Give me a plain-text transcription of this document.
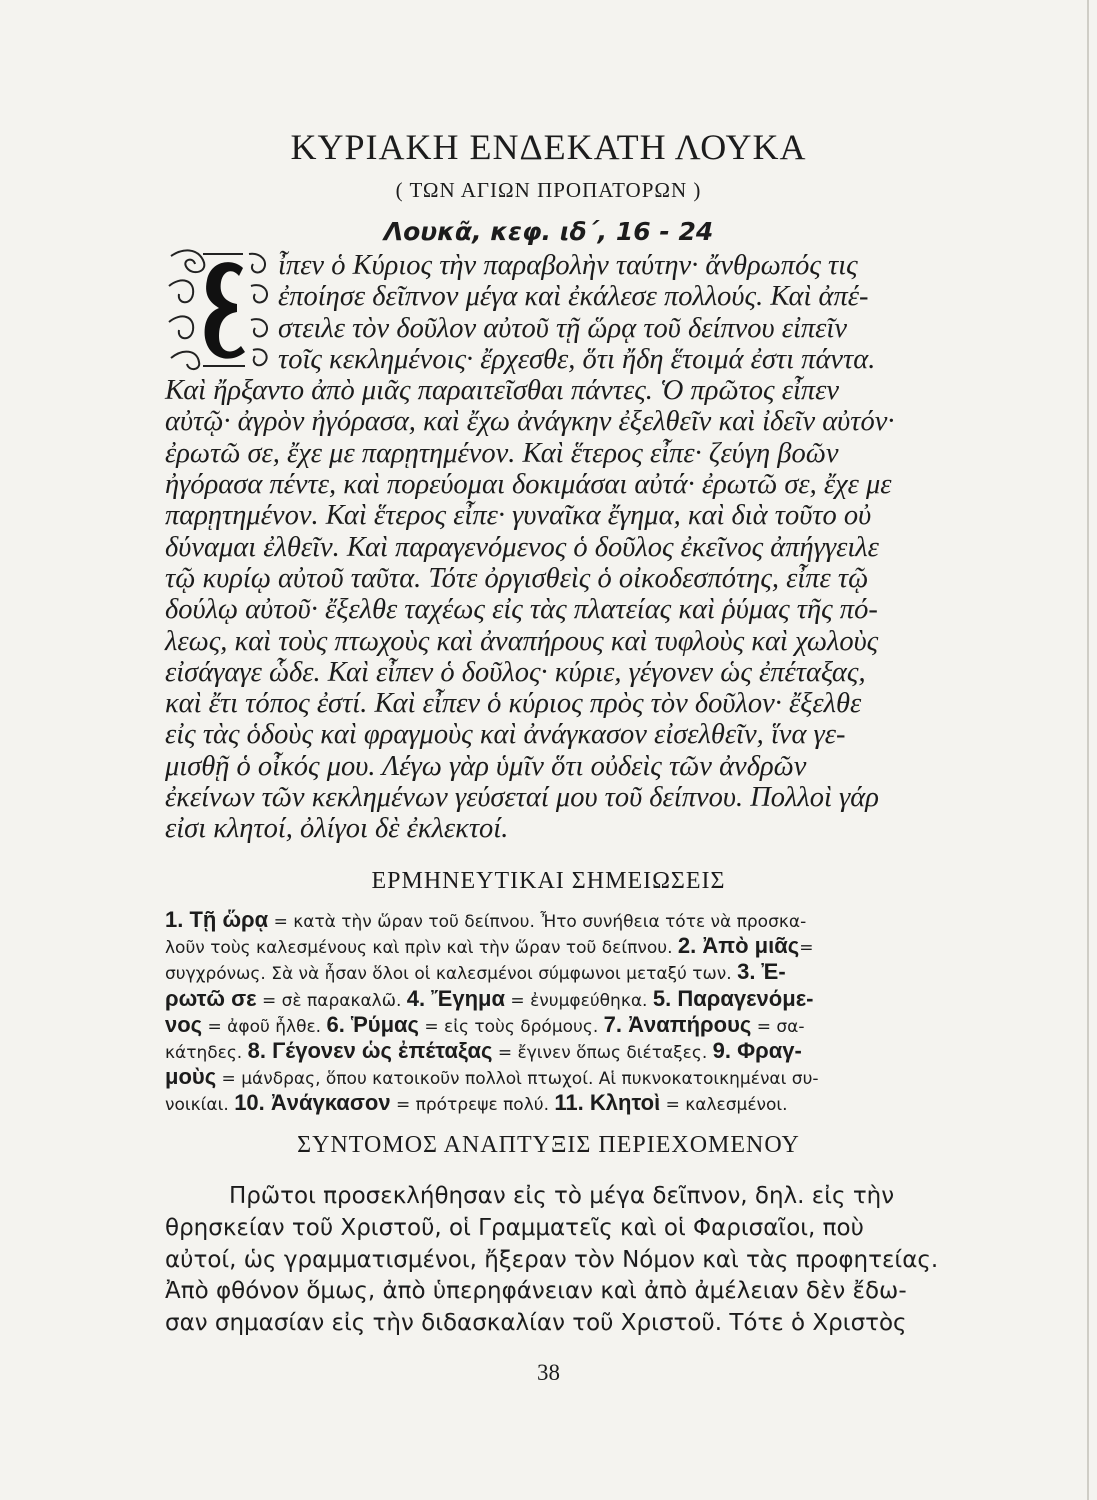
ΚΥΡΙΑΚΗ ΕΝΔΕΚΑΤΗ ΛΟΥΚΑ
( ΤΩΝ ΑΓΙΩΝ ΠΡΟΠΑΤΟΡΩΝ )
Λουκᾶ, κεφ. ιδ΄, 16 - 24
ἶπεν ὁ Κύριος τὴν παραβολὴν ταύτην· ἄνθρωπός τις
ἐποίησε δεῖπνον μέγα καὶ ἐκάλεσε πολλούς. Καὶ ἀπέ-
στειλε τὸν δοῦλον αὐτοῦ τῇ ὥρᾳ τοῦ δείπνου εἰπεῖν
τοῖς κεκλημένοις· ἔρχεσθε, ὅτι ἤδη ἕτοιμά ἐστι πάντα.
Καὶ ἤρξαντο ἀπὸ μιᾶς παραιτεῖσθαι πάντες. Ὁ πρῶτος εἶπεν
αὐτῷ· ἀγρὸν ἠγόρασα, καὶ ἔχω ἀνάγκην ἐξελθεῖν καὶ ἰδεῖν αὐτόν·
ἐρωτῶ σε, ἔχε με παρῃτημένον. Καὶ ἕτερος εἶπε· ζεύγη βοῶν
ἠγόρασα πέντε, καὶ πορεύομαι δοκιμάσαι αὐτά· ἐρωτῶ σε, ἔχε με
παρῃτημένον. Καὶ ἕτερος εἶπε· γυναῖκα ἔγημα, καὶ διὰ τοῦτο οὐ
δύναμαι ἐλθεῖν. Καὶ παραγενόμενος ὁ δοῦλος ἐκεῖνος ἀπήγγειλε
τῷ κυρίῳ αὐτοῦ ταῦτα. Τότε ὀργισθεὶς ὁ οἰκοδεσπότης, εἶπε τῷ
δούλῳ αὐτοῦ· ἔξελθε ταχέως εἰς τὰς πλατείας καὶ ῥύμας τῆς πό-
λεως, καὶ τοὺς πτωχοὺς καὶ ἀναπήρους καὶ τυφλοὺς καὶ χωλοὺς
εἰσάγαγε ὧδε. Καὶ εἶπεν ὁ δοῦλος· κύριε, γέγονεν ὡς ἐπέταξας,
καὶ ἔτι τόπος ἐστί. Καὶ εἶπεν ὁ κύριος πρὸς τὸν δοῦλον· ἔξελθε
εἰς τὰς ὁδοὺς καὶ φραγμοὺς καὶ ἀνάγκασον εἰσελθεῖν, ἵνα γε-
μισθῇ ὁ οἶκός μου. Λέγω γὰρ ὑμῖν ὅτι οὐδεὶς τῶν ἀνδρῶν
ἐκείνων τῶν κεκλημένων γεύσεταί μου τοῦ δείπνου. Πολλοὶ γάρ
εἰσι κλητοί, ὀλίγοι δὲ ἐκλεκτοί.
ΕΡΜΗΝΕΥΤΙΚΑΙ ΣΗΜΕΙΩΣΕΙΣ
1. Τῇ ὥρᾳ = κατὰ τὴν ὥραν τοῦ δείπνου. Ἦτο συνήθεια τότε νὰ προσκα-
λοῦν τοὺς καλεσμένους καὶ πρὶν καὶ τὴν ὥραν τοῦ δείπνου. 2. Ἀπὸ μιᾶς=
συγχρόνως. Σὰ νὰ ἦσαν ὅλοι οἱ καλεσμένοι σύμφωνοι μεταξύ των. 3. Ἐ-
ρωτῶ σε = σὲ παρακαλῶ. 4. Ἔγημα = ἐνυμφεύθηκα. 5. Παραγενόμε-
νος = ἀφοῦ ἦλθε. 6. Ῥύμας = εἰς τοὺς δρόμους. 7. Ἀναπήρους = σα-
κάτηδες. 8. Γέγονεν ὡς ἐπέταξας = ἔγινεν ὅπως διέταξες. 9. Φραγ-
μοὺς = μάνδρας, ὅπου κατοικοῦν πολλοὶ πτωχοί. Αἱ πυκνοκατοικημέναι συ-
νοικίαι. 10. Ἀνάγκασον = πρότρεψε πολύ. 11. Κλητοὶ = καλεσμένοι.
ΣΥΝΤΟΜΟΣ ΑΝΑΠΤΥΞΙΣ ΠΕΡΙΕΧΟΜΕΝΟΥ
Πρῶτοι προσεκλήθησαν εἰς τὸ μέγα δεῖπνον, δηλ. εἰς τὴν
θρησκείαν τοῦ Χριστοῦ, οἱ Γραμματεῖς καὶ οἱ Φαρισαῖοι, ποὺ
αὐτοί, ὡς γραμματισμένοι, ἤξεραν τὸν Νόμον καὶ τὰς προφητείας.
Ἀπὸ φθόνον ὅμως, ἀπὸ ὑπερηφάνειαν καὶ ἀπὸ ἀμέλειαν δὲν ἔδω-
σαν σημασίαν εἰς τὴν διδασκαλίαν τοῦ Χριστοῦ. Τότε ὁ Χριστὸς
38
